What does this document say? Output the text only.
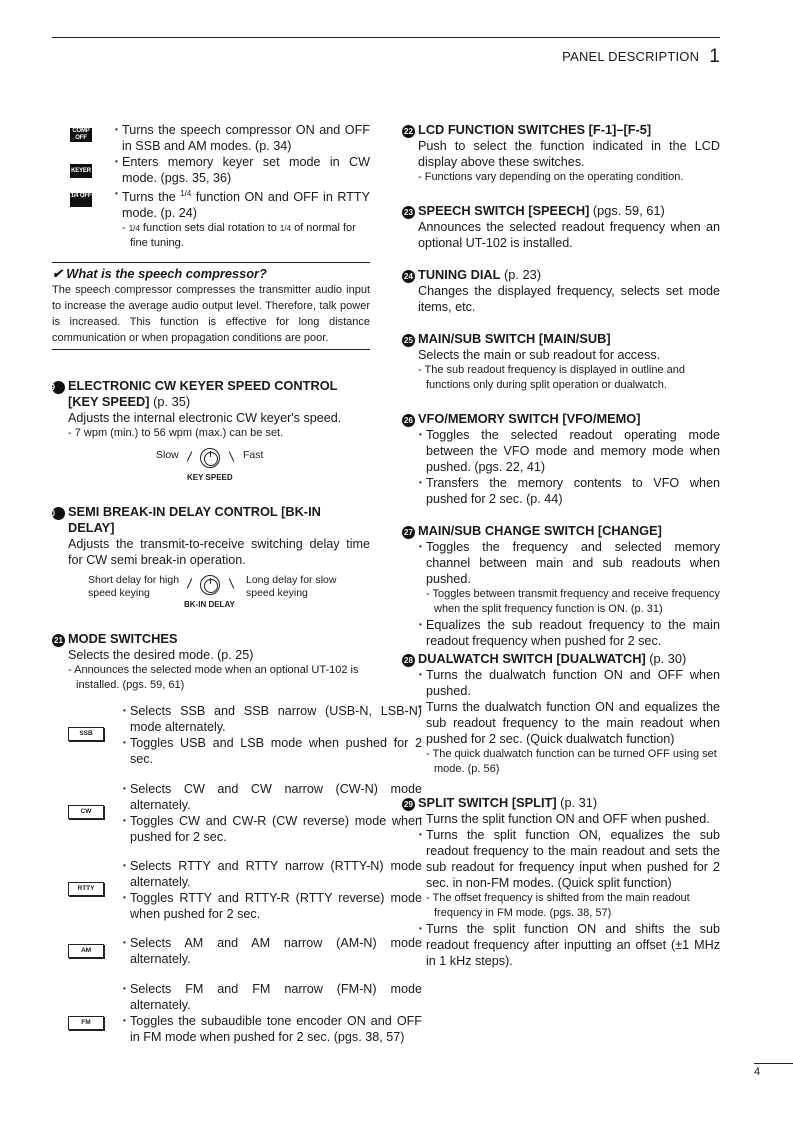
PANEL DESCRIPTION 1
COMP OFF
KEYER
1/4 OFF
• Turns the speech compressor ON and OFF in SSB and AM modes. (p. 34)
• Enters memory keyer set mode in CW mode. (pgs. 35, 36)
• Turns the $^{1/4}$ function ON and OFF in RTTY mode. (p. 24)
- 1/4 function sets dial rotation to 1/4 of normal for fine tuning.
✔ What is the speech compressor?
The speech compressor compresses the transmitter audio input to increase the average audio output level. Therefore, talk power is increased. This function is effective for long distance communication or when propagation conditions are poor.
19 ELECTRONIC CW KEYER SPEED CONTROL [KEY SPEED] (p. 35)
Adjusts the internal electronic CW keyer's speed.
- 7 wpm (min.) to 56 wpm (max.) can be set.
Slow	Fast
KEY SPEED
20 SEMI BREAK-IN DELAY CONTROL [BK-IN DELAY]
Adjusts the transmit-to-receive switching delay time for CW semi break-in operation.
Short delay for high speed keying
Long delay for slow speed keying
BK-IN DELAY
21 MODE SWITCHES
Selects the desired mode. (p. 25)
- Announces the selected mode when an optional UT-102 is installed. (pgs. 59, 61)
SSB
• Selects SSB and SSB narrow (USB-N, LSB-N) mode alternately.
• Toggles USB and LSB mode when pushed for 2 sec.
CW
• Selects CW and CW narrow (CW-N) mode alternately.
• Toggles CW and CW-R (CW reverse) mode when pushed for 2 sec.
RTTY
• Selects RTTY and RTTY narrow (RTTY-N) mode alternately.
• Toggles RTTY and RTTY-R (RTTY reverse) mode when pushed for 2 sec.
AM
• Selects AM and AM narrow (AM-N) mode alternately.
FM
• Selects FM and FM narrow (FM-N) mode alternately.
• Toggles the subaudible tone encoder ON and OFF in FM mode when pushed for 2 sec. (pgs. 38, 57)
22 LCD FUNCTION SWITCHES [F-1]–[F-5]
Push to select the function indicated in the LCD display above these switches.
- Functions vary depending on the operating condition.
23 SPEECH SWITCH [SPEECH] (pgs. 59, 61)
Announces the selected readout frequency when an optional UT-102 is installed.
24 TUNING DIAL (p. 23)
Changes the displayed frequency, selects set mode items, etc.
25 MAIN/SUB SWITCH [MAIN/SUB]
Selects the main or sub readout for access.
- The sub readout frequency is displayed in outline and functions only during split operation or dualwatch.
26 VFO/MEMORY SWITCH [VFO/MEMO]
• Toggles the selected readout operating mode between the VFO mode and memory mode when pushed. (pgs. 22, 41)
• Transfers the memory contents to VFO when pushed for 2 sec. (p. 44)
27 MAIN/SUB CHANGE SWITCH [CHANGE]
• Toggles the frequency and selected memory channel between main and sub readouts when pushed.
- Toggles between transmit frequency and receive frequency when the split frequency function is ON. (p. 31)
• Equalizes the sub readout frequency to the main readout frequency when pushed for 2 sec.
28 DUALWATCH SWITCH [DUALWATCH] (p. 30)
• Turns the dualwatch function ON and OFF when pushed.
• Turns the dualwatch function ON and equalizes the sub readout frequency to the main readout when pushed for 2 sec. (Quick dualwatch function)
- The quick dualwatch function can be turned OFF using set mode. (p. 56)
29 SPLIT SWITCH [SPLIT] (p. 31)
• Turns the split function ON and OFF when pushed.
• Turns the split function ON, equalizes the sub readout frequency to the main readout and sets the sub readout for frequency input when pushed for 2 sec. in non-FM modes. (Quick split function)
- The offset frequency is shifted from the main readout frequency in FM mode. (pgs. 38, 57)
• Turns the split function ON and shifts the sub readout frequency after inputting an offset (±1 MHz in 1 kHz steps).
4
